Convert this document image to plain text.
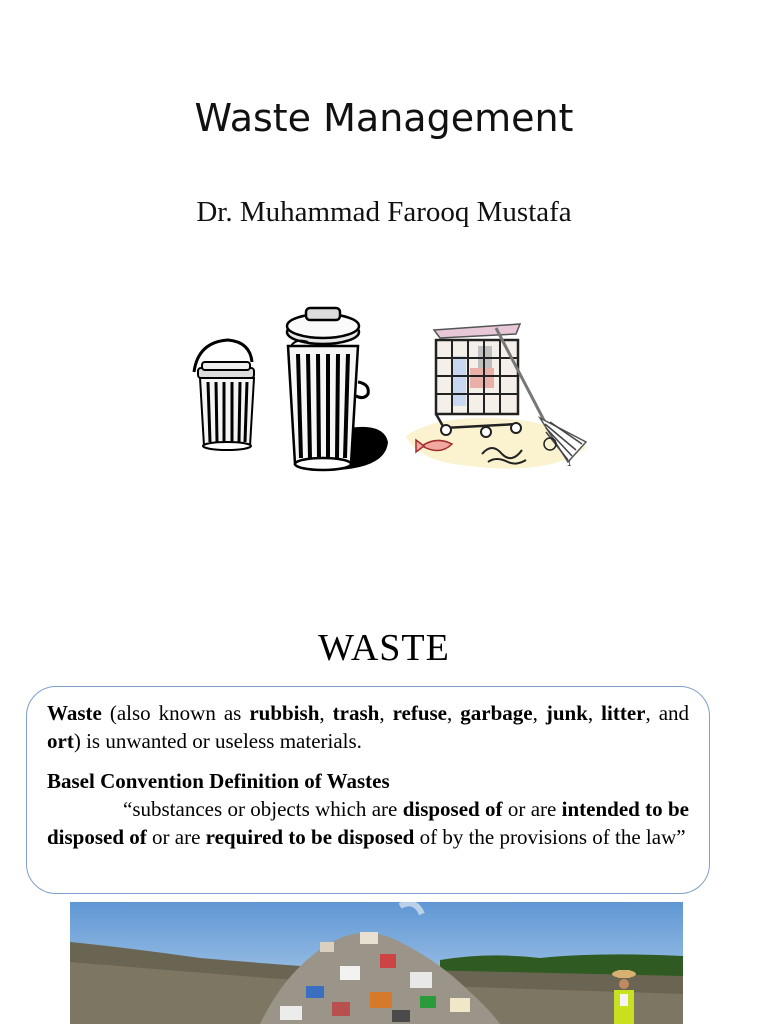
Waste Management
Dr. Muhammad Farooq Mustafa
1
WASTE

Waste (also known as rubbish, trash, refuse, garbage, junk, litter, and ort) is unwanted or useless materials.

Basel Convention Definition of Wastes

“substances or objects which are disposed of or are intended to be disposed of or are required to be disposed of by the provisions of the law”
